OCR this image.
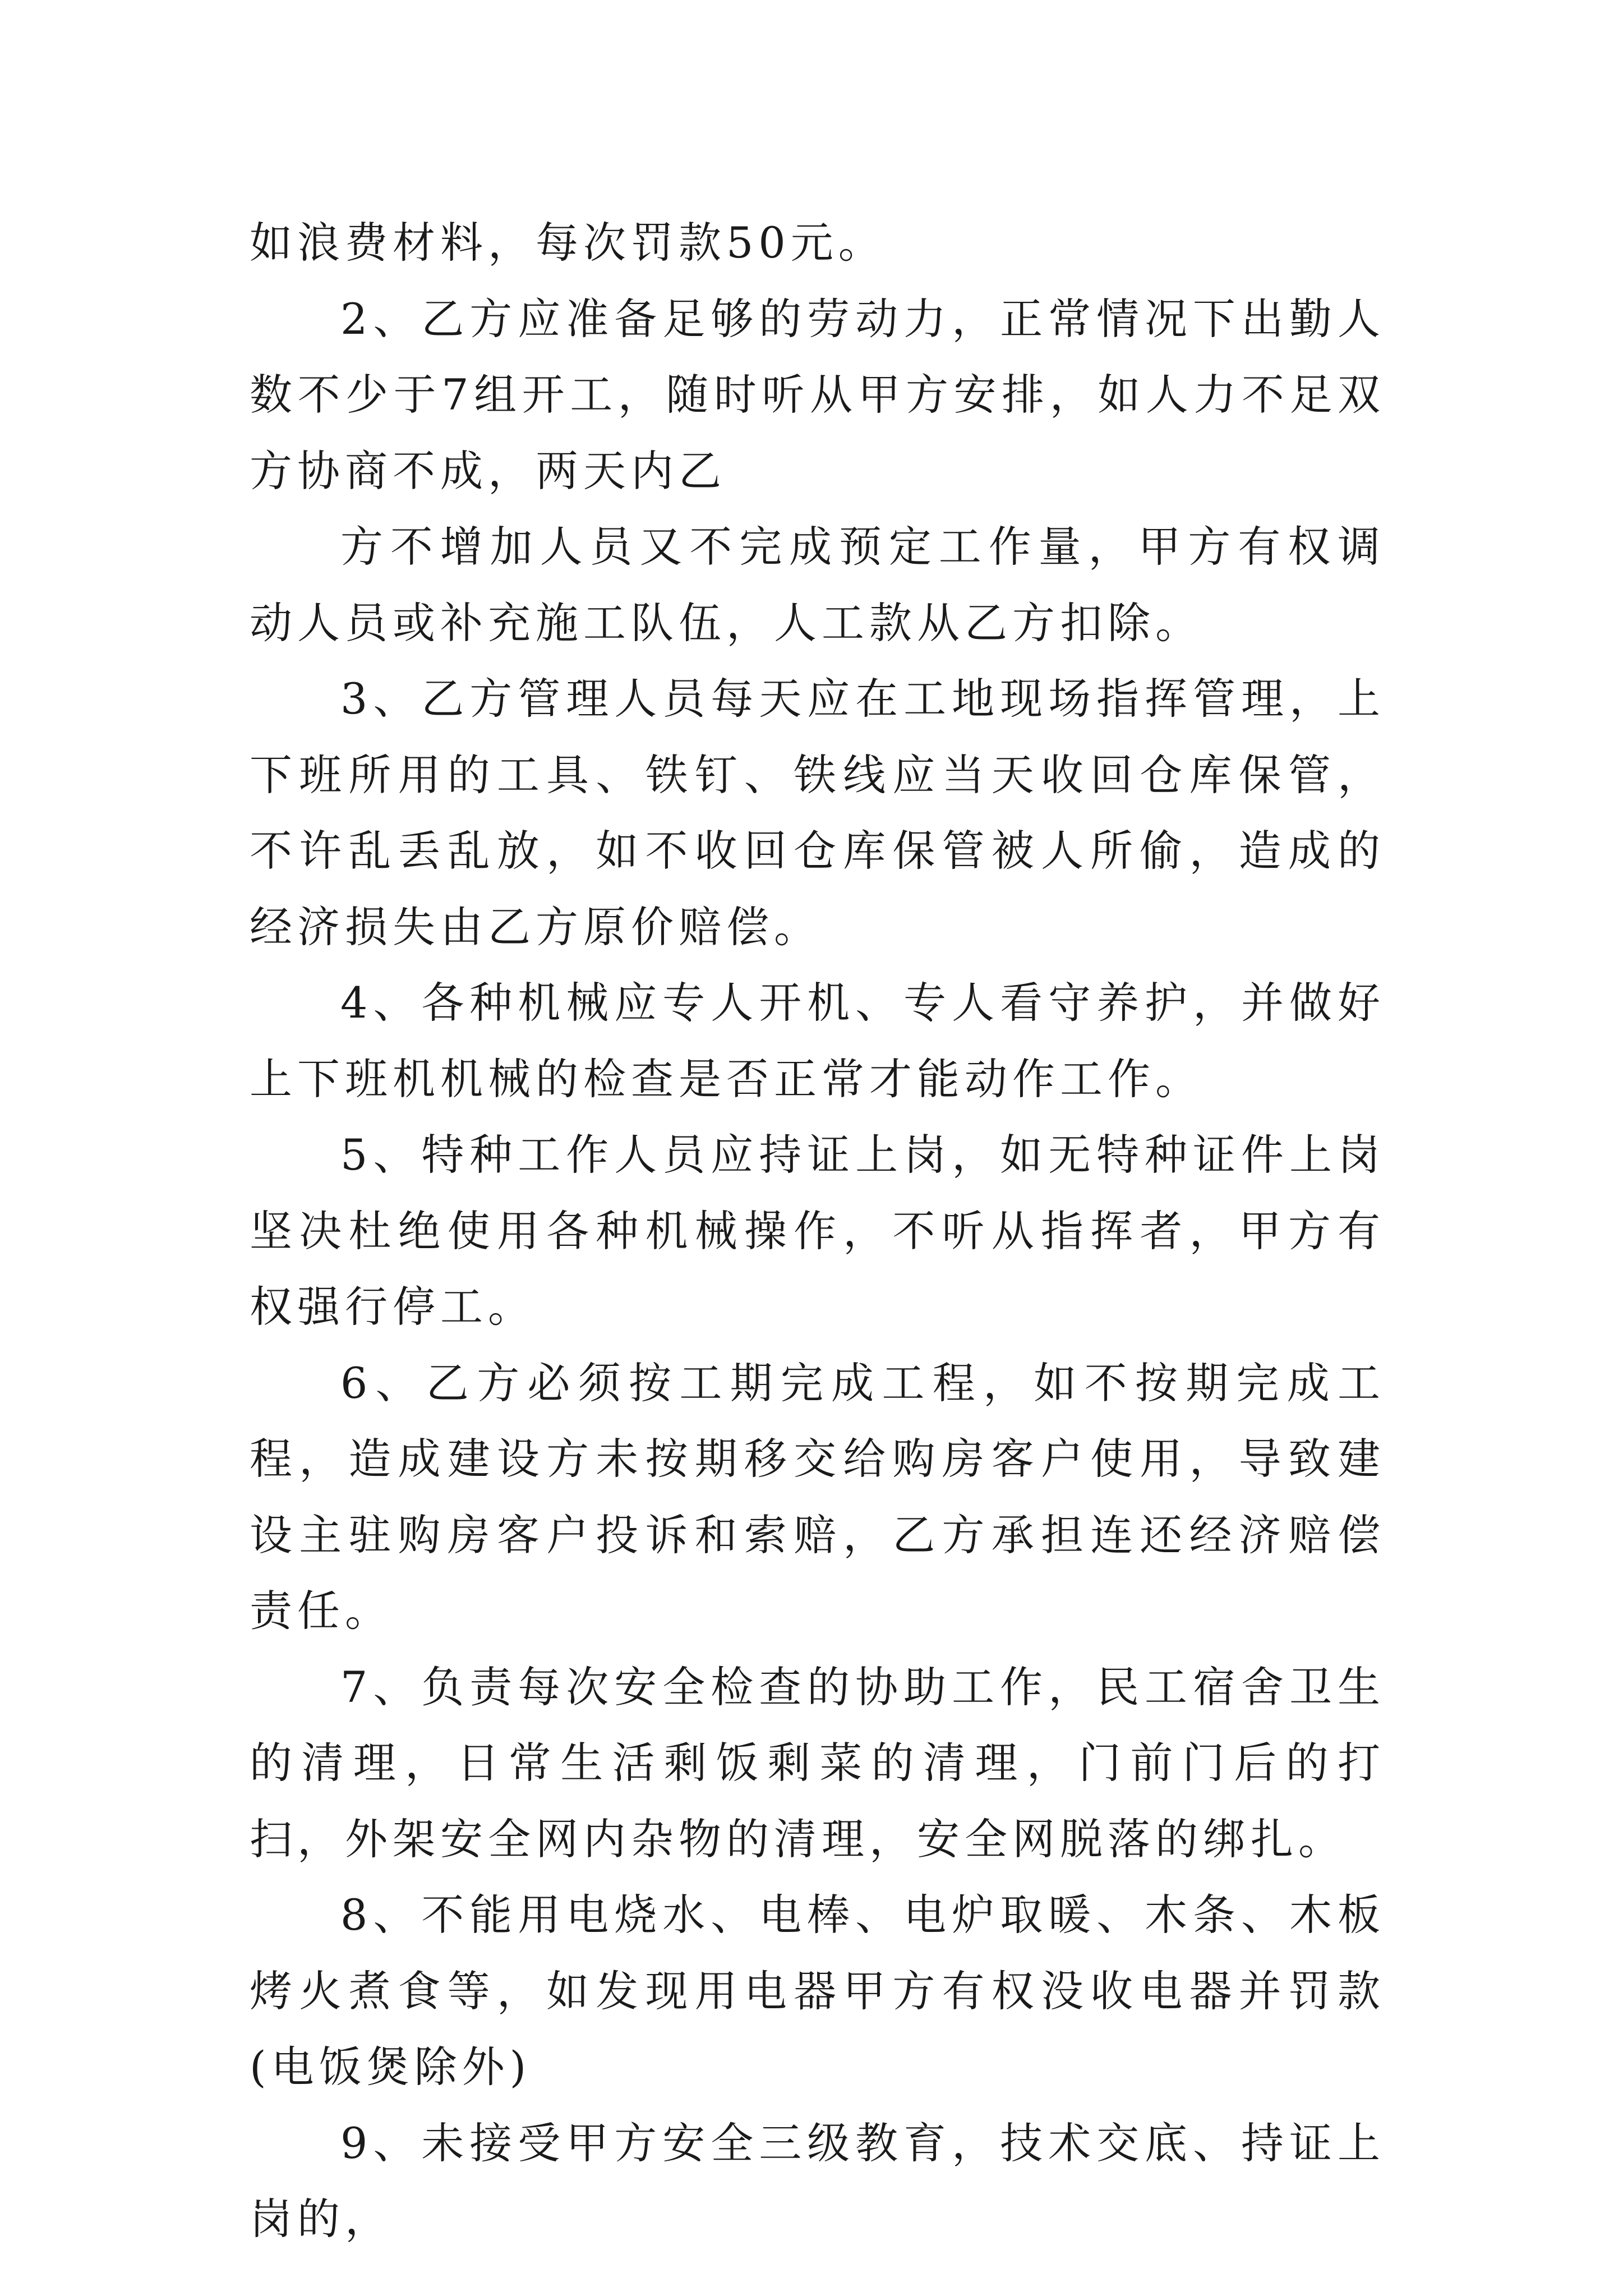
如浪费材料，每次罚款50元。

2、乙方应准备足够的劳动力，正常情况下出勤人数不少于7组开工，随时听从甲方安排，如人力不足双方协商不成，两天内乙

方不增加人员又不完成预定工作量，甲方有权调动人员或补充施工队伍，人工款从乙方扣除。

3、乙方管理人员每天应在工地现场指挥管理，上下班所用的工具、铁钉、铁线应当天收回仓库保管，不许乱丢乱放，如不收回仓库保管被人所偷，造成的经济损失由乙方原价赔偿。

4、各种机械应专人开机、专人看守养护，并做好上下班机机械的检查是否正常才能动作工作。

5、特种工作人员应持证上岗，如无特种证件上岗坚决杜绝使用各种机械操作，不听从指挥者，甲方有权强行停工。

6、乙方必须按工期完成工程，如不按期完成工程，造成建设方未按期移交给购房客户使用，导致建设主驻购房客户投诉和索赔，乙方承担连还经济赔偿责任。

7、负责每次安全检查的协助工作，民工宿舍卫生的清理，日常生活剩饭剩菜的清理，门前门后的打扫，外架安全网内杂物的清理，安全网脱落的绑扎。

8、不能用电烧水、电棒、电炉取暖、木条、木板烤火煮食等，如发现用电器甲方有权没收电器并罚款(电饭煲除外)

9、未接受甲方安全三级教育，技术交底、持证上岗的，
